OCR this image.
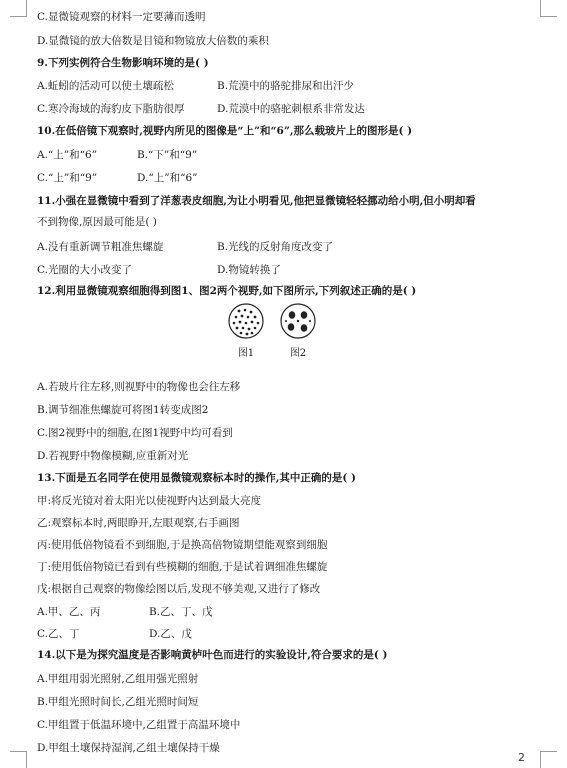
C.显微镜观察的材料一定要薄而透明
D.显微镜的放大倍数是目镜和物镜放大倍数的乘积
9.下列实例符合生物影响环境的是( )
A.蚯蚓的活动可以使土壤疏松	B.荒漠中的骆驼排尿和出汗少
C.寒冷海域的海豹皮下脂肪很厚	D.荒漠中的骆驼刺根系非常发达
10.在低倍镜下观察时,视野内所见的图像是“上”和“6”,那么载玻片上的图形是( )
A.“上”和“6”	B.“下”和“9”
C.“上”和“9”	D.“上”和“6”
11.小强在显微镜中看到了洋葱表皮细胞,为让小明看见,他把显微镜轻轻挪动给小明,但小明却看
不到物像,原因最可能是( )
A.没有重新调节粗准焦螺旋	B.光线的反射角度改变了
C.光圈的大小改变了	D.物镜转换了
12.利用显微镜观察细胞得到图1、图2两个视野,如下图所示,下列叙述正确的是( )
A.若玻片往左移,则视野中的物像也会往左移
B.调节细准焦螺旋可将图1转变成图2
C.图2视野中的细胞,在图1视野中均可看到
D.若视野中物像模糊,应重新对光
13.下面是五名同学在使用显微镜观察标本时的操作,其中正确的是( )
甲:将反光镜对着太阳光以使视野内达到最大亮度
乙:观察标本时,两眼睁开,左眼观察,右手画图
丙:使用低倍物镜看不到细胞,于是换高倍物镜期望能观察到细胞
丁:使用低倍物镜已看到有些模糊的细胞,于是试着调细准焦螺旋
戊:根据自己观察的物像绘图以后,发现不够美观,又进行了修改
A.甲、乙、丙	B.乙、丁、戊
C.乙、丁	D.乙、戊
14.以下是为探究温度是否影响黄栌叶色而进行的实验设计,符合要求的是( )
A.甲组用弱光照射,乙组用强光照射
B.甲组光照时间长,乙组光照时间短
C.甲组置于低温环境中,乙组置于高温环境中
D.甲组土壤保持湿润,乙组土壤保持干燥
图1	图2
2
